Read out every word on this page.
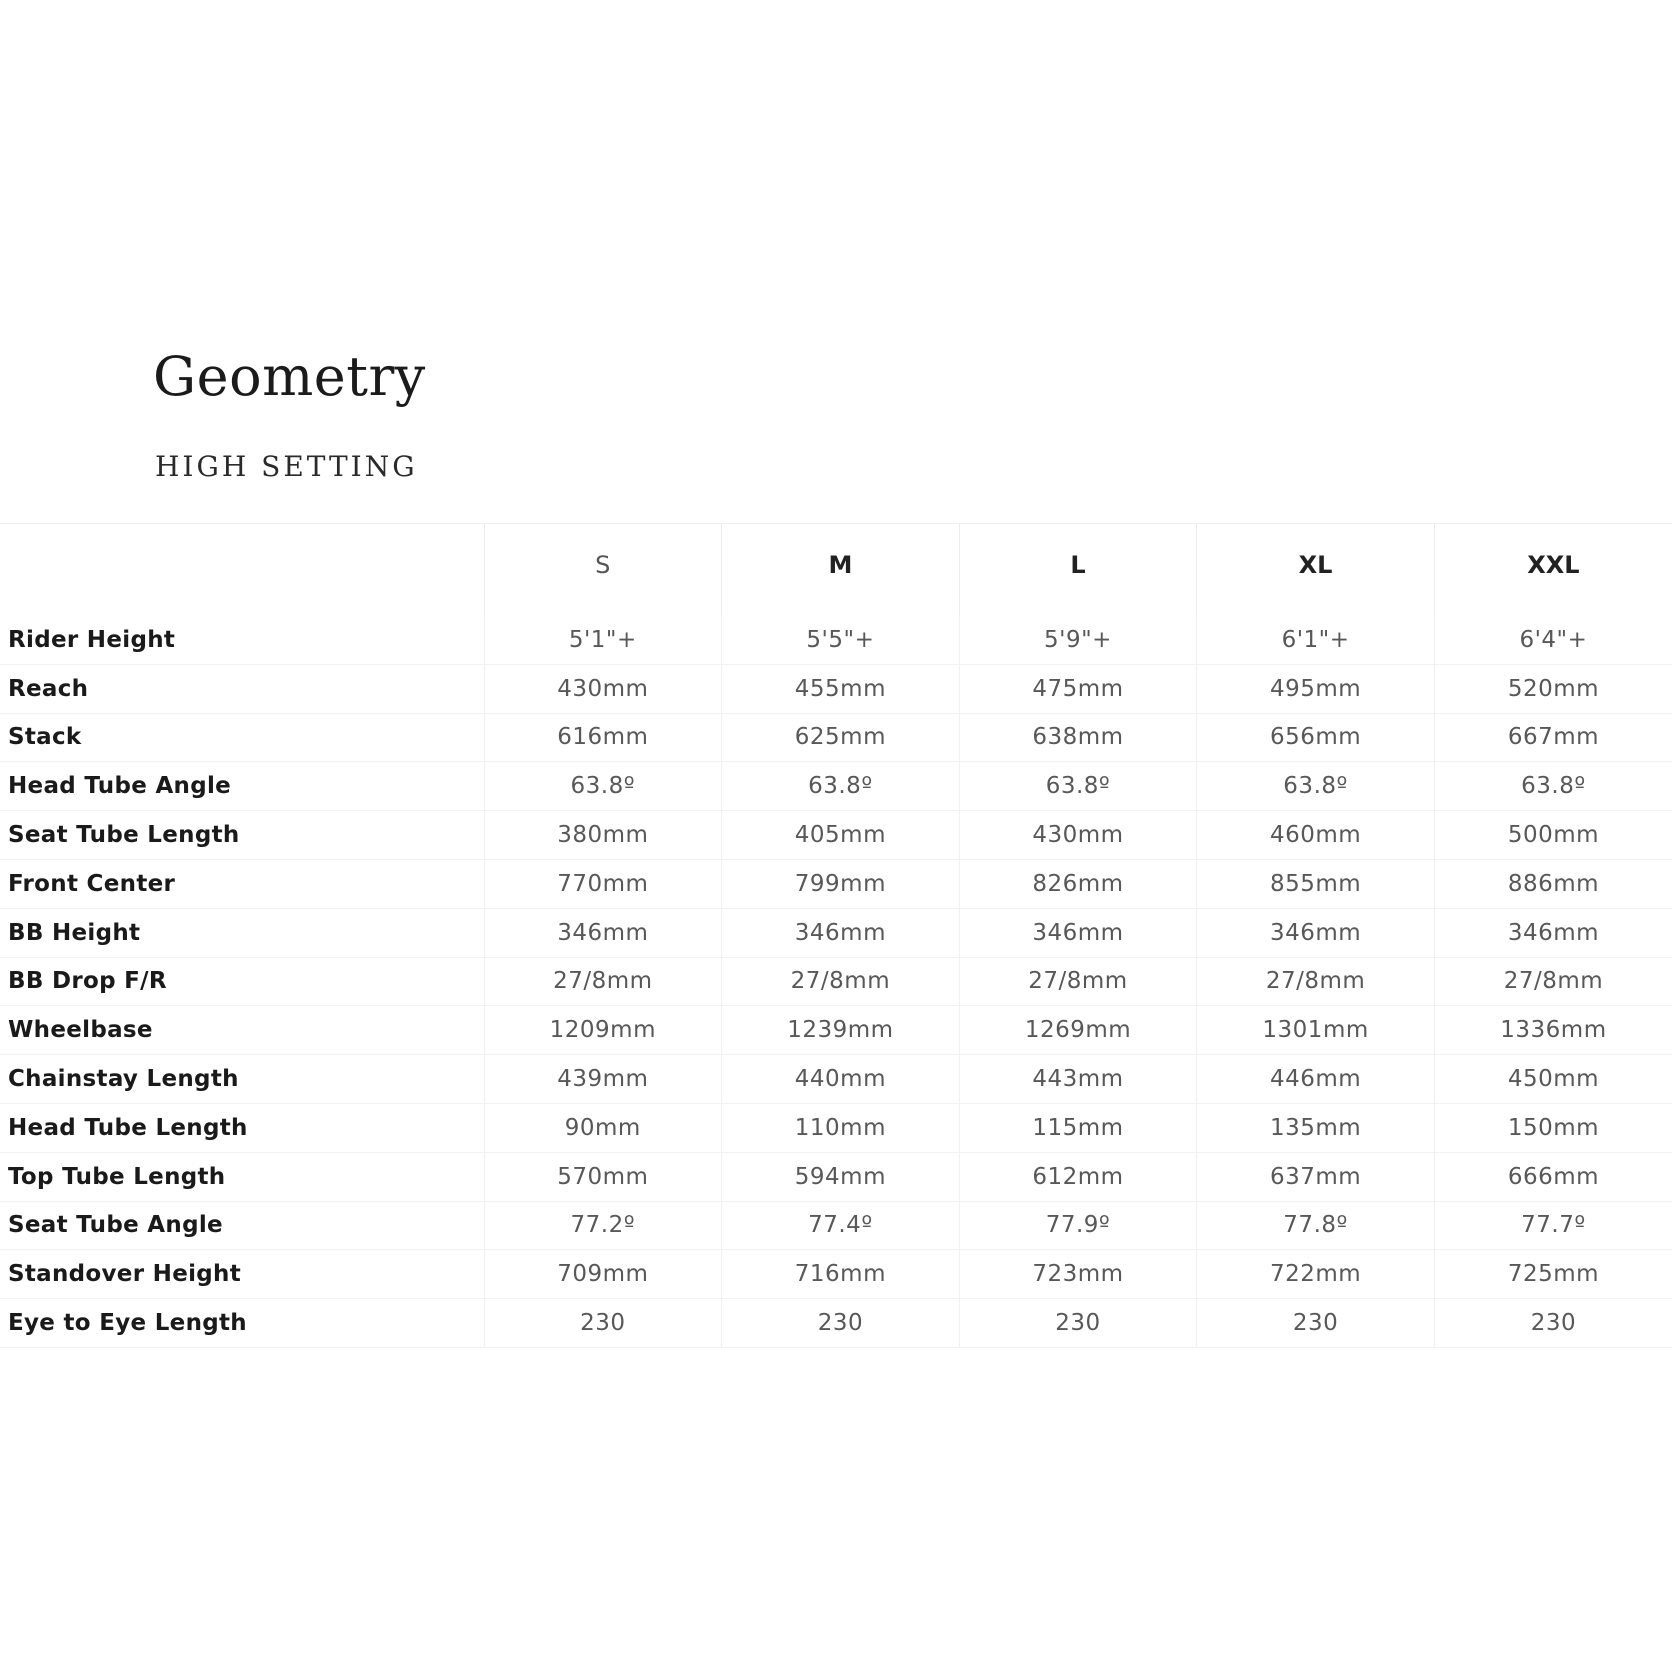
Geometry
HIGH SETTING
	S	M	L	XL	XXL
Rider Height	5'1"+	5'5"+	5'9"+	6'1"+	6'4"+
Reach	430mm	455mm	475mm	495mm	520mm
Stack	616mm	625mm	638mm	656mm	667mm
Head Tube Angle	63.8º	63.8º	63.8º	63.8º	63.8º
Seat Tube Length	380mm	405mm	430mm	460mm	500mm
Front Center	770mm	799mm	826mm	855mm	886mm
BB Height	346mm	346mm	346mm	346mm	346mm
BB Drop F/R	27/8mm	27/8mm	27/8mm	27/8mm	27/8mm
Wheelbase	1209mm	1239mm	1269mm	1301mm	1336mm
Chainstay Length	439mm	440mm	443mm	446mm	450mm
Head Tube Length	90mm	110mm	115mm	135mm	150mm
Top Tube Length	570mm	594mm	612mm	637mm	666mm
Seat Tube Angle	77.2º	77.4º	77.9º	77.8º	77.7º
Standover Height	709mm	716mm	723mm	722mm	725mm
Eye to Eye Length	230	230	230	230	230
